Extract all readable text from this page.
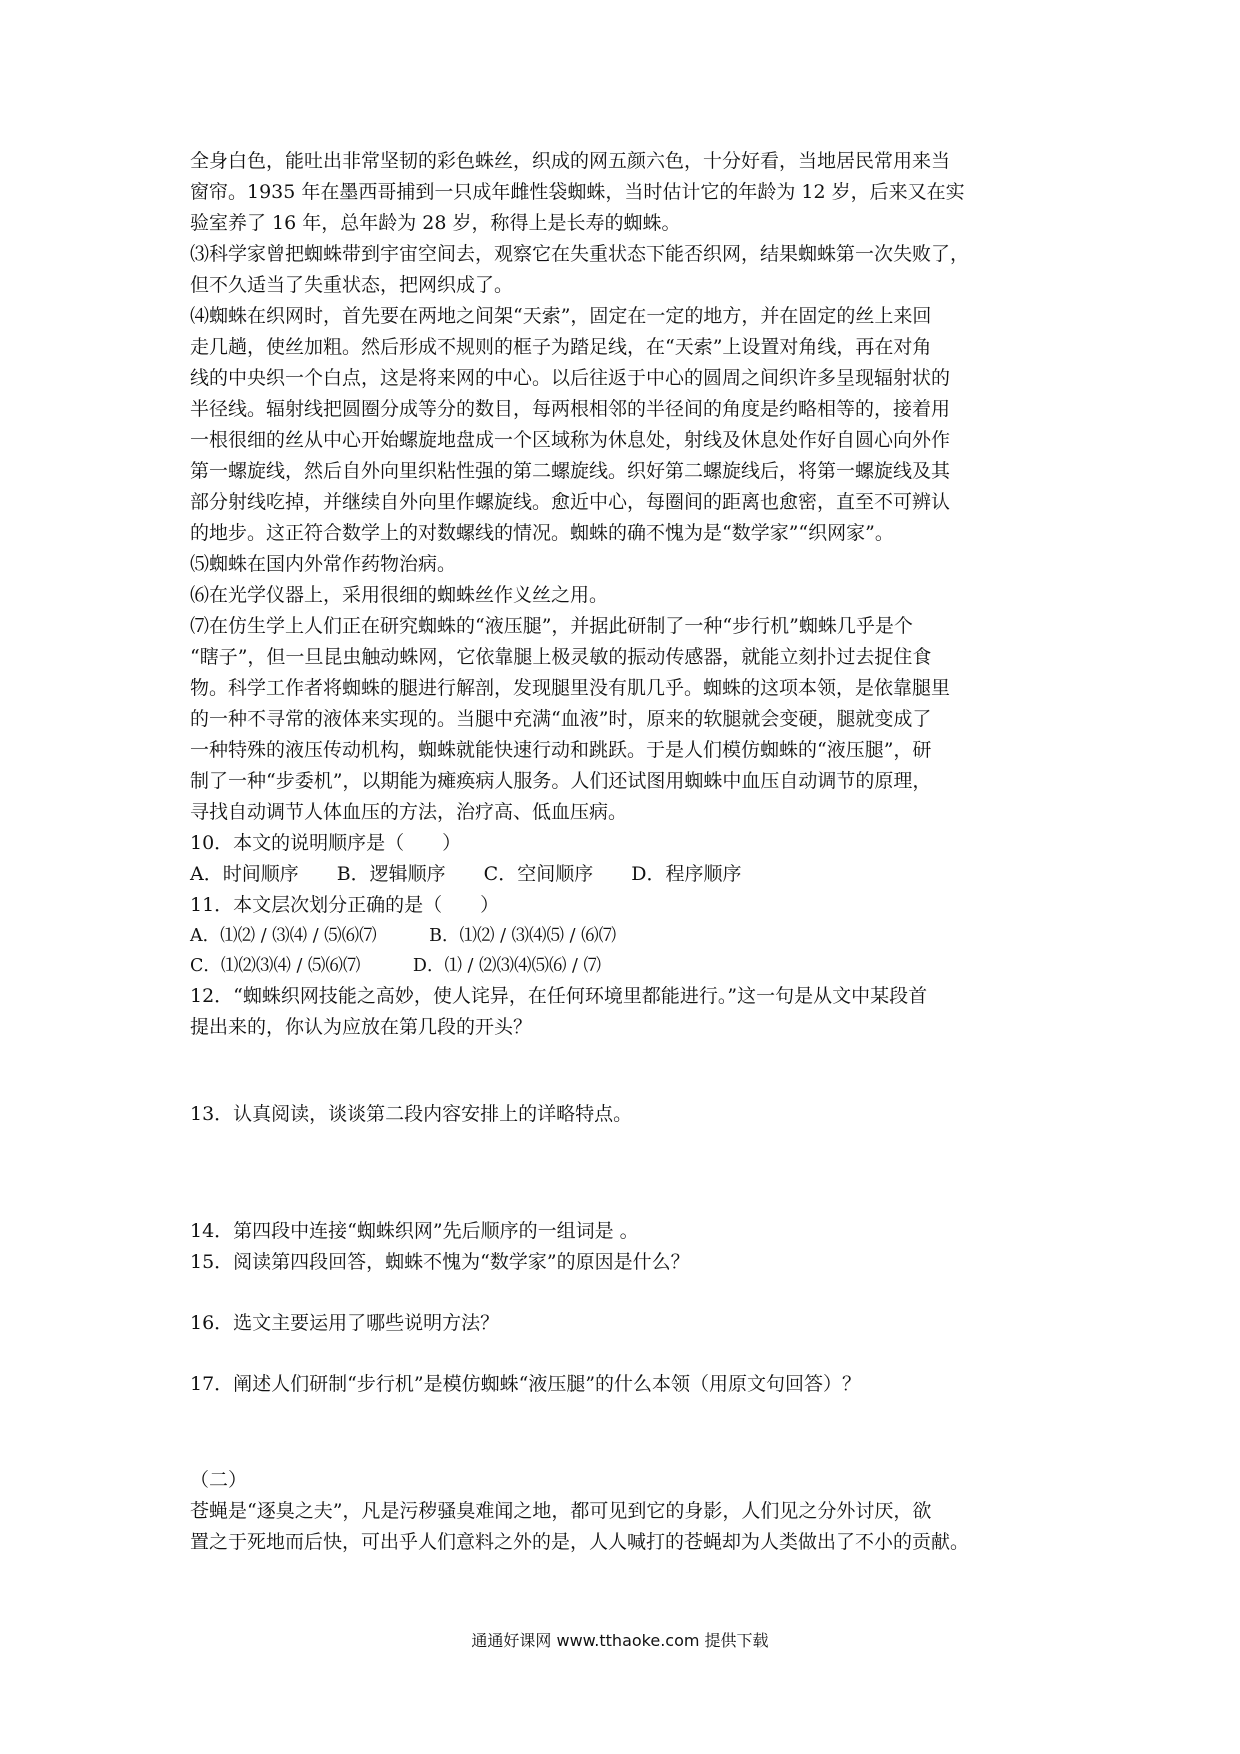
全身白色，能吐出非常坚韧的彩色蛛丝，织成的网五颜六色，十分好看，当地居民常用来当
窗帘。1935 年在墨西哥捕到一只成年雌性袋蜘蛛，当时估计它的年龄为 12 岁，后来又在实
验室养了 16 年，总年龄为 28 岁，称得上是长寿的蜘蛛。
⑶科学家曾把蜘蛛带到宇宙空间去，观察它在失重状态下能否织网，结果蜘蛛第一次失败了，
但不久适当了失重状态，把网织成了。
⑷蜘蛛在织网时，首先要在两地之间架“天索”，固定在一定的地方，并在固定的丝上来回
走几趟，使丝加粗。然后形成不规则的框子为踏足线，在“天索”上设置对角线，再在对角
线的中央织一个白点，这是将来网的中心。以后往返于中心的圆周之间织许多呈现辐射状的
半径线。辐射线把圆圈分成等分的数目，每两根相邻的半径间的角度是约略相等的，接着用
一根很细的丝从中心开始螺旋地盘成一个区域称为休息处，射线及休息处作好自圆心向外作
第一螺旋线，然后自外向里织粘性强的第二螺旋线。织好第二螺旋线后，将第一螺旋线及其
部分射线吃掉，并继续自外向里作螺旋线。愈近中心，每圈间的距离也愈密，直至不可辨认
的地步。这正符合数学上的对数螺线的情况。蜘蛛的确不愧为是“数学家”“织网家”。
⑸蜘蛛在国内外常作药物治病。
⑹在光学仪器上，采用很细的蜘蛛丝作义丝之用。
⑺在仿生学上人们正在研究蜘蛛的“液压腿”，并据此研制了一种“步行机”蜘蛛几乎是个
“瞎子”，但一旦昆虫触动蛛网，它依靠腿上极灵敏的振动传感器，就能立刻扑过去捉住食
物。科学工作者将蜘蛛的腿进行解剖，发现腿里没有肌几乎。蜘蛛的这项本领，是依靠腿里
的一种不寻常的液体来实现的。当腿中充满“血液”时，原来的软腿就会变硬，腿就变成了
一种特殊的液压传动机构，蜘蛛就能快速行动和跳跃。于是人们模仿蜘蛛的“液压腿”，研
制了一种“步委机”，以期能为瘫痪病人服务。人们还试图用蜘蛛中血压自动调节的原理，
寻找自动调节人体血压的方法，治疗高、低血压病。
10．本文的说明顺序是（　　）
A．时间顺序　　B．逻辑顺序　　C．空间顺序　　D．程序顺序
11．本文层次划分正确的是（　　）
A．⑴⑵ / ⑶⑷ / ⑸⑹⑺　　　B．⑴⑵ / ⑶⑷⑸ / ⑹⑺
C．⑴⑵⑶⑷ / ⑸⑹⑺　　　D．⑴ / ⑵⑶⑷⑸⑹ / ⑺
12．“蜘蛛织网技能之高妙，使人诧异，在任何环境里都能进行。”这一句是从文中某段首
提出来的，你认为应放在第几段的开头？
13．认真阅读，谈谈第二段内容安排上的详略特点。
14．第四段中连接“蜘蛛织网”先后顺序的一组词是 。
15．阅读第四段回答，蜘蛛不愧为“数学家”的原因是什么？
16．选文主要运用了哪些说明方法？
17．阐述人们研制“步行机”是模仿蜘蛛“液压腿”的什么本领（用原文句回答）？
（二）
苍蝇是“逐臭之夫”，凡是污秽骚臭难闻之地，都可见到它的身影，人们见之分外讨厌，欲
置之于死地而后快，可出乎人们意料之外的是，人人喊打的苍蝇却为人类做出了不小的贡献。
通通好课网 www.tthaoke.com 提供下载
